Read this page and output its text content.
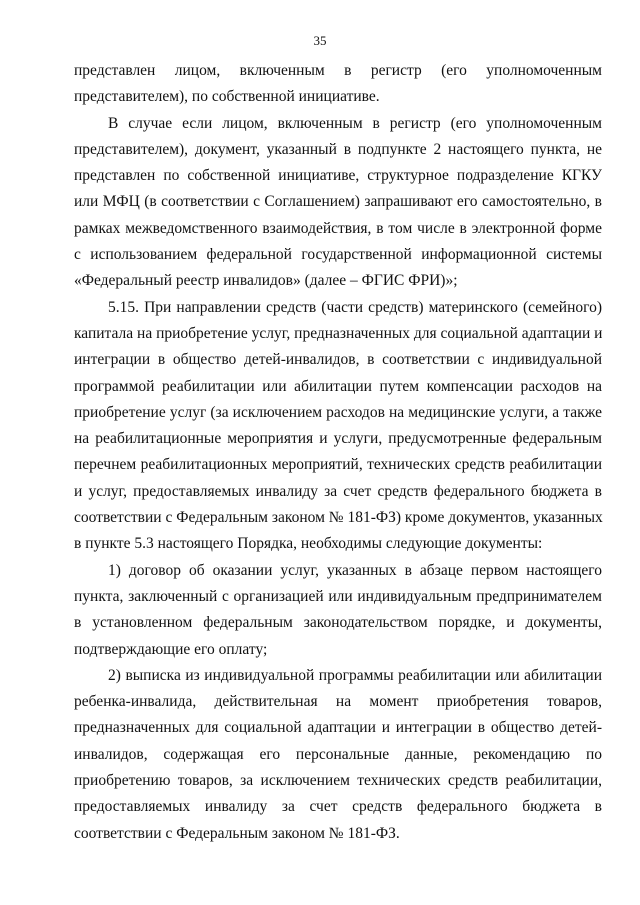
35
представлен лицом, включенным в регистр (его уполномоченным
представителем), по собственной инициативе.
В случае если лицом, включенным в регистр (его уполномоченным
представителем), документ, указанный в подпункте 2 настоящего пункта, не
представлен по собственной инициативе, структурное подразделение КГКУ
или МФЦ (в соответствии с Соглашением) запрашивают его самостоятельно, в
рамках межведомственного взаимодействия, в том числе в электронной форме
с использованием федеральной государственной информационной системы
«Федеральный реестр инвалидов» (далее – ФГИС ФРИ)»;
5.15. При направлении средств (части средств) материнского (семейного)
капитала на приобретение услуг, предназначенных для социальной адаптации и
интеграции в общество детей-инвалидов, в соответствии с индивидуальной
программой реабилитации или абилитации путем компенсации расходов на
приобретение услуг (за исключением расходов на медицинские услуги, а также
на реабилитационные мероприятия и услуги, предусмотренные федеральным
перечнем реабилитационных мероприятий, технических средств реабилитации
и услуг, предоставляемых инвалиду за счет средств федерального бюджета в
соответствии с Федеральным законом № 181-ФЗ) кроме документов, указанных
в пункте 5.3 настоящего Порядка, необходимы следующие документы:
1) договор об оказании услуг, указанных в абзаце первом настоящего
пункта, заключенный с организацией или индивидуальным предпринимателем
в установленном федеральным законодательством порядке, и документы,
подтверждающие его оплату;
2) выписка из индивидуальной программы реабилитации или абилитации
ребенка-инвалида, действительная на момент приобретения товаров,
предназначенных для социальной адаптации и интеграции в общество детей-
инвалидов, содержащая его персональные данные, рекомендацию по
приобретению товаров, за исключением технических средств реабилитации,
предоставляемых инвалиду за счет средств федерального бюджета в
соответствии с Федеральным законом № 181-ФЗ.
